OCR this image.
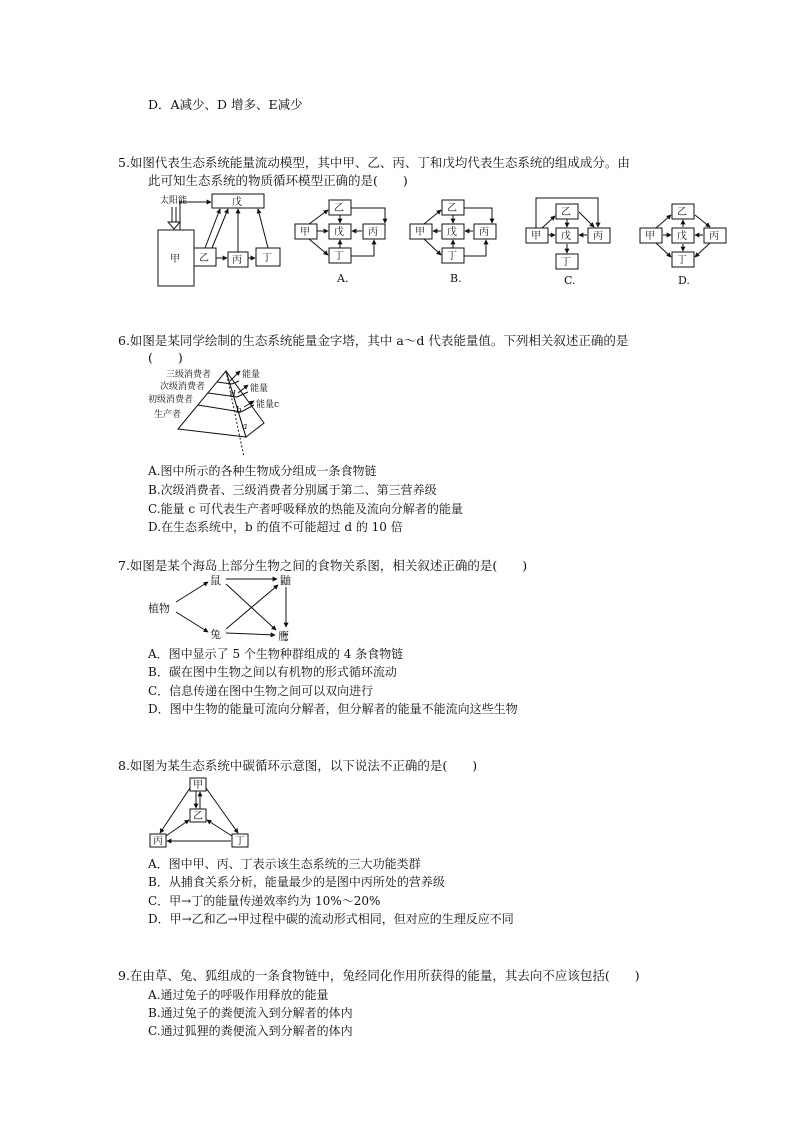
D．A减少、D 增多、E减少
5.如图代表生态系统能量流动模型，其中甲、乙、丙、丁和戊均代表生态系统的组成成分。由
此可知生态系统的物质循环模型正确的是(　　)
太阳能	戊
甲 乙 丙 丁
乙
甲 戊 丙
丁
A.
乙
甲 戊 丙
丁
B.
乙
甲 戊 丙
丁
C.
乙
甲 戊 丙
丁
D.
6.如图是某同学绘制的生态系统能量金字塔，其中 a～d 代表能量值。下列相关叙述正确的是
(　　)
三级消费者
次级消费者
初级消费者
生产者
能量
能量
能量c
d
b
a
A.图中所示的各种生物成分组成一条食物链
B.次级消费者、三级消费者分别属于第二、第三营养级
C.能量 c 可代表生产者呼吸释放的热能及流向分解者的能量
D.在生态系统中，b 的值不可能超过 d 的 10 倍
7.如图是某个海岛上部分生物之间的食物关系图，相关叙述正确的是(　　)
植物
鼠
兔
鼬
鹰
A．图中显示了 5 个生物种群组成的 4 条食物链
B．碳在图中生物之间以有机物的形式循环流动
C．信息传递在图中生物之间可以双向进行
D．图中生物的能量可流向分解者，但分解者的能量不能流向这些生物
8.如图为某生态系统中碳循环示意图，以下说法不正确的是(　　)
甲
乙
丙	丁
A．图中甲、丙、丁表示该生态系统的三大功能类群
B．从捕食关系分析，能量最少的是图中丙所处的营养级
C．甲→丁的能量传递效率约为 10%～20%
D．甲→乙和乙→甲过程中碳的流动形式相同，但对应的生理反应不同
9.在由草、兔、狐组成的一条食物链中，兔经同化作用所获得的能量，其去向不应该包括(　　)
A.通过兔子的呼吸作用释放的能量
B.通过兔子的粪便流入到分解者的体内
C.通过狐狸的粪便流入到分解者的体内
